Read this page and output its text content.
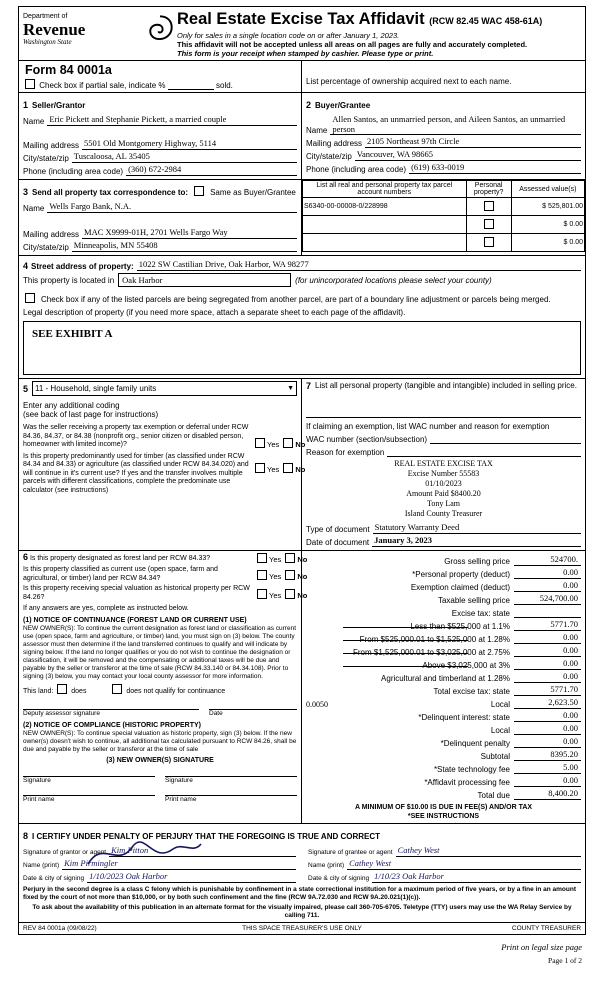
Department of
Revenue
Washington State
Real Estate Excise Tax Affidavit (RCW 82.45 WAC 458-61A)
Only for sales in a single location code on or after January 1, 2023.
This affidavit will not be accepted unless all areas on all pages are fully and accurately completed.
This form is your receipt when stamped by cashier. Please type or print.
Form 84 0001a
Check box if partial sale, indicate %	sold.	List percentage of ownership acquired next to each name.
1 Seller/Grantor
Name Eric Pickett and Stephanie Pickett, a married couple
Mailing address 5501 Old Montgomery Highway, 5114
City/state/zip Tuscaloosa, AL 35405
Phone (including area code) (360) 672-2984
2 Buyer/Grantee
Name
Allen Santos, an unmarried person, and Aileen Santos, an unmarried person
Mailing address 2105 Northeast 97th Circle
City/state/zip Vancouver, WA 98665
Phone (including area code) (619) 633-0019
3 Send all property tax correspondence to:	Same as Buyer/Grantee
Name Wells Fargo Bank, N.A.
Mailing address MAC X9999-01H, 2701 Wells Fargo Way
City/state/zip Minneapolis, MN 55408
List all real and personal property tax parcel account numbers	Personal property?	Assessed value(s)
S6340-00-00008-0/228998		$ 525,801.00
		$ 0.00
		$ 0.00
4 Street address of property: 1022 SW Castilian Drive, Oak Harbor, WA 98277
This property is located in Oak Harbor	(for unincorporated locations please select your county)
Check box if any of the listed parcels are being segregated from another parcel, are part of a boundary line adjustment or parcels being merged.
Legal description of property (if you need more space, attach a separate sheet to each page of the affidavit).
SEE EXHIBIT A
5 11 - Household, single family units	▼
Enter any additional coding
(see back of last page for instructions)
Was the seller receiving a property tax exemption or deferral under RCW 84.36, 84.37, or 84.38 (nonprofit org., senior citizen or disabled person, homeowner with limited income)?	Yes No
Is this property predominantly used for timber (as classified under RCW 84.34 and 84.33) or agriculture (as classified under RCW 84.34.020) and will continue in it's current use? If yes and the transfer involves multiple parcels with different classifications, complete the predominate use calculator (see instructions)
Yes No
7 List all personal property (tangible and intangible) included in selling price.
If claiming an exemption, list WAC number and reason for exemption
WAC number (section/subsection)
Reason for exemption
REAL ESTATE EXCISE TAX
Excise Number 55583
01/10/2023
Amount Paid $8400.20
Tony Lam
Island County Treasurer
Type of document Statutory Warranty Deed
Date of document January 3, 2023
6 Is this property designated as forest land per RCW 84.33?	Yes No
Is this property classified as current use (open space, farm and agricultural, or timber) land per RCW 84.34?	Yes No
Is this property receiving special valuation as historical property per RCW 84.26?	Yes No
If any answers are yes, complete as instructed below.
(1) NOTICE OF CONTINUANCE (FOREST LAND OR CURRENT USE)
NEW OWNER(S): To continue the current designation as forest land or classification as current use (open space, farm and agriculture, or timber) land, you must sign on (3) below. The county assessor must then determine if the land transferred continues to qualify and will indicate by signing below. If the land no longer qualifies or you do not wish to continue the designation or classification, it will be removed and the compensating or additional taxes will be due and payable by the seller or transferor at the time of sale (RCW 84.33.140 or 84.34.108). Prior to signing (3) below, you may contact your local county assessor for more information.
This land:	does	does not qualify for continuance
Deputy assessor signature	Date
(2) NOTICE OF COMPLIANCE (HISTORIC PROPERTY)
NEW OWNER(S): To continue special valuation as historic property, sign (3) below. If the new owner(s) doesn't wish to continue, all additional tax calculated pursuant to RCW 84.26, shall be due and payable by the seller or transferor at the time of sale
(3) NEW OWNER(S) SIGNATURE
Signature	Signature
Print name	Print name
Gross selling price	524700.
*Personal property (deduct)	0.00
Exemption claimed (deduct)	0.00
Taxable selling price	524,700.00
Excise tax: state
Less than $525,000 at 1.1%	5771.70
From $525,000.01 to $1,525,000 at 1.28%	0.00
From $1,525,000.01 to $3,025,000 at 2.75%	0.00
Above $3,025,000 at 3%	0.00
Agricultural and timberland at 1.28%	0.00
Total excise tax: state	5771.70
0.0050	Local	2,623.50
*Delinquent interest: state	0.00
Local	0.00
*Delinquent penalty	0.00
Subtotal	8395.20
*State technology fee	5.00
*Affidavit processing fee	0.00
Total due	8,400.20
A MINIMUM OF $10.00 IS DUE IN FEE(S) AND/OR TAX
*SEE INSTRUCTIONS
8 I CERTIFY UNDER PENALTY OF PERJURY THAT THE FOREGOING IS TRUE AND CORRECT
Signature of grantor or agent Kim Pitton
Name (print) Kim Pirmingler
Date & city of signing 1/10/2023 Oak Harbor
Signature of grantee or agent Cathey West
Name (print) Cathey West
Date & city of signing 1/10/23 Oak Harbor
Perjury in the second degree is a class C felony which is punishable by confinement in a state correctional institution for a maximum period of five years, or by a fine in an amount fixed by the court of not more than $10,000, or by both such confinement and the fine (RCW 9A.72.030 and RCW 9A.20.021(1)(c)).
To ask about the availability of this publication in an alternate format for the visually impaired, please call 360-705-6705. Teletype (TTY) users may use the WA Relay Service by calling 711.
REV 84 0001a (09/08/22)	THIS SPACE TREASURER'S USE ONLY	COUNTY TREASURER
Print on legal size page
Page 1 of 2
